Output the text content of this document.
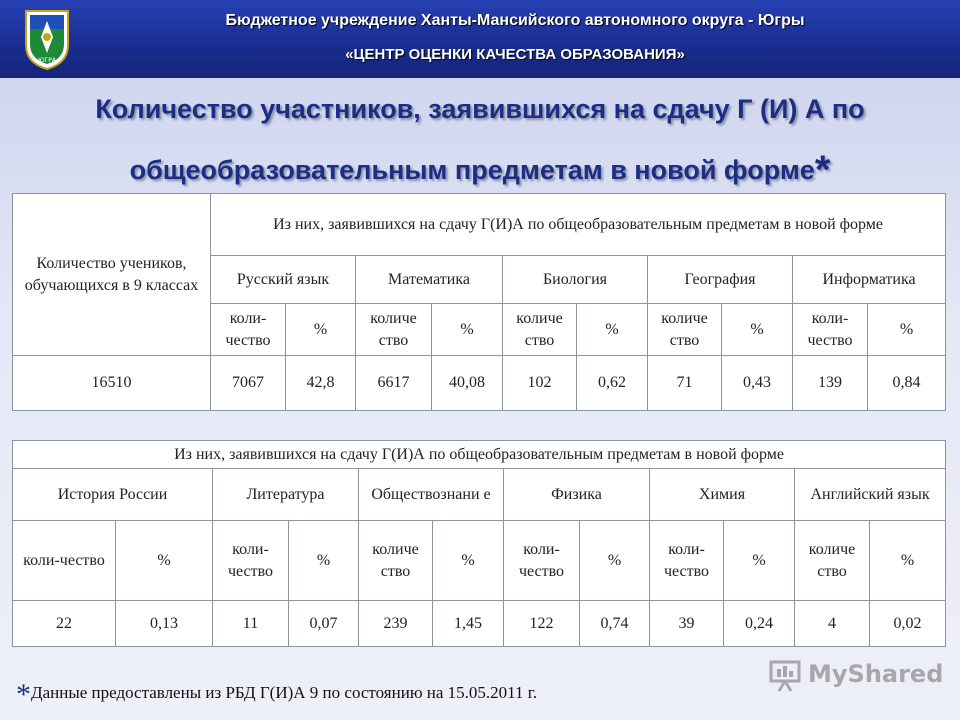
ЮГРА
Бюджетное учреждение Ханты-Мансийского автономного округа - Югры
«ЦЕНТР ОЦЕНКИ КАЧЕСТВА ОБРАЗОВАНИЯ»
Количество участников, заявившихся на сдачу Г (И) А по
общеобразовательным предметам в новой форме*
Количество учеников, обучающихся в 9 классах	Из них, заявившихся на сдачу Г(И)А по общеобразовательным предметам в новой форме									
	Русский язык		Математика		Биология		География		Информатика	
	коли-чество	%	количе ство	%	количе ство	%	количе ство	%	коли-чество	%
16510	7067	42,8	6617	40,08	102	0,62	71	0,43	139	0,84
Из них, заявившихся на сдачу Г(И)А по общеобразовательным предметам в новой форме											
История России		Литература		Обществознани е		Физика		Химия		Английский язык	
коли-чество	%	коли-чество	%	количе ство	%	коли-чество	%	коли-чество	%	количе ство	%
22	0,13	11	0,07	239	1,45	122	0,74	39	0,24	4	0,02
*Данные предоставлены из РБД Г(И)А 9 по состоянию на 15.05.2011 г.
MyShared
